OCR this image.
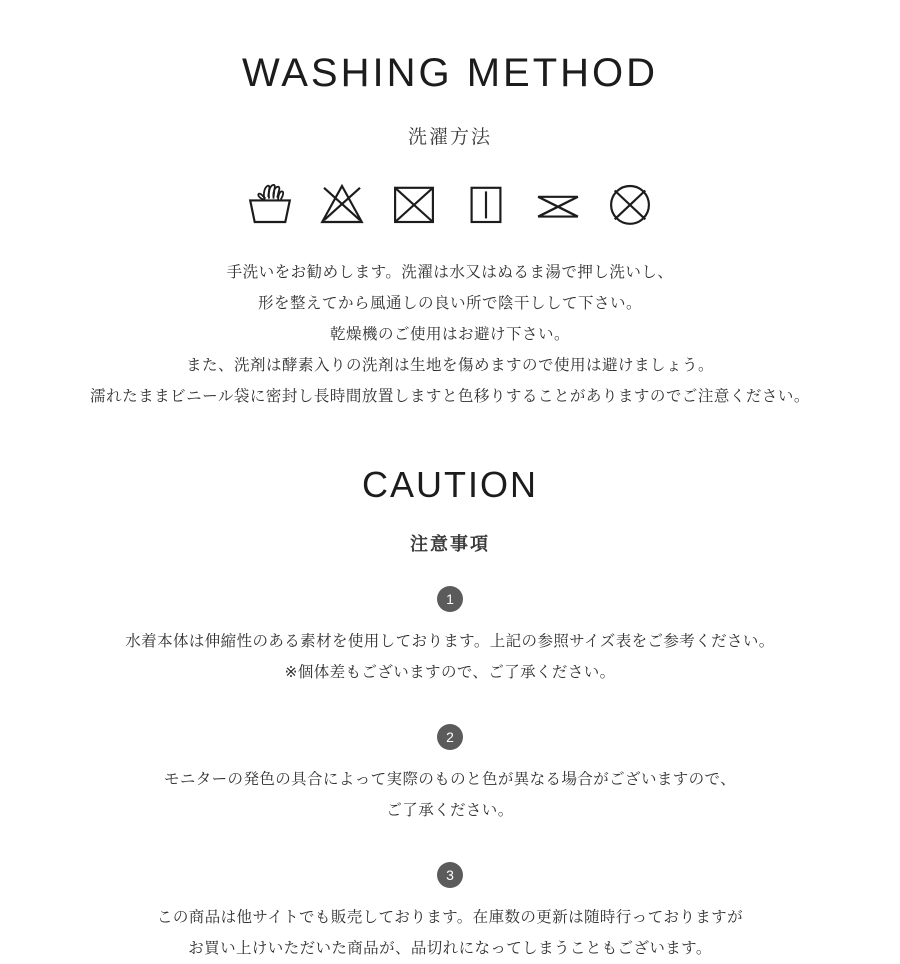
WASHING METHOD
洗濯方法

手洗いをお勧めします。洗濯は水又はぬるま湯で押し洗いし、

形を整えてから風通しの良い所で陰干しして下さい。

乾燥機のご使用はお避け下さい。

また、洗剤は酵素入りの洗剤は生地を傷めますので使用は避けましょう。

濡れたままビニール袋に密封し長時間放置しますと色移りすることがありますのでご注意ください。

CAUTION
注意事項
1

水着本体は伸縮性のある素材を使用しております。上記の参照サイズ表をご参考ください。

※個体差もございますので、ご了承ください。

2

モニターの発色の具合によって実際のものと色が異なる場合がございますので、

ご了承ください。

3

この商品は他サイトでも販売しております。在庫数の更新は随時行っておりますが

お買い上けいただいた商品が、品切れになってしまうこともございます。
